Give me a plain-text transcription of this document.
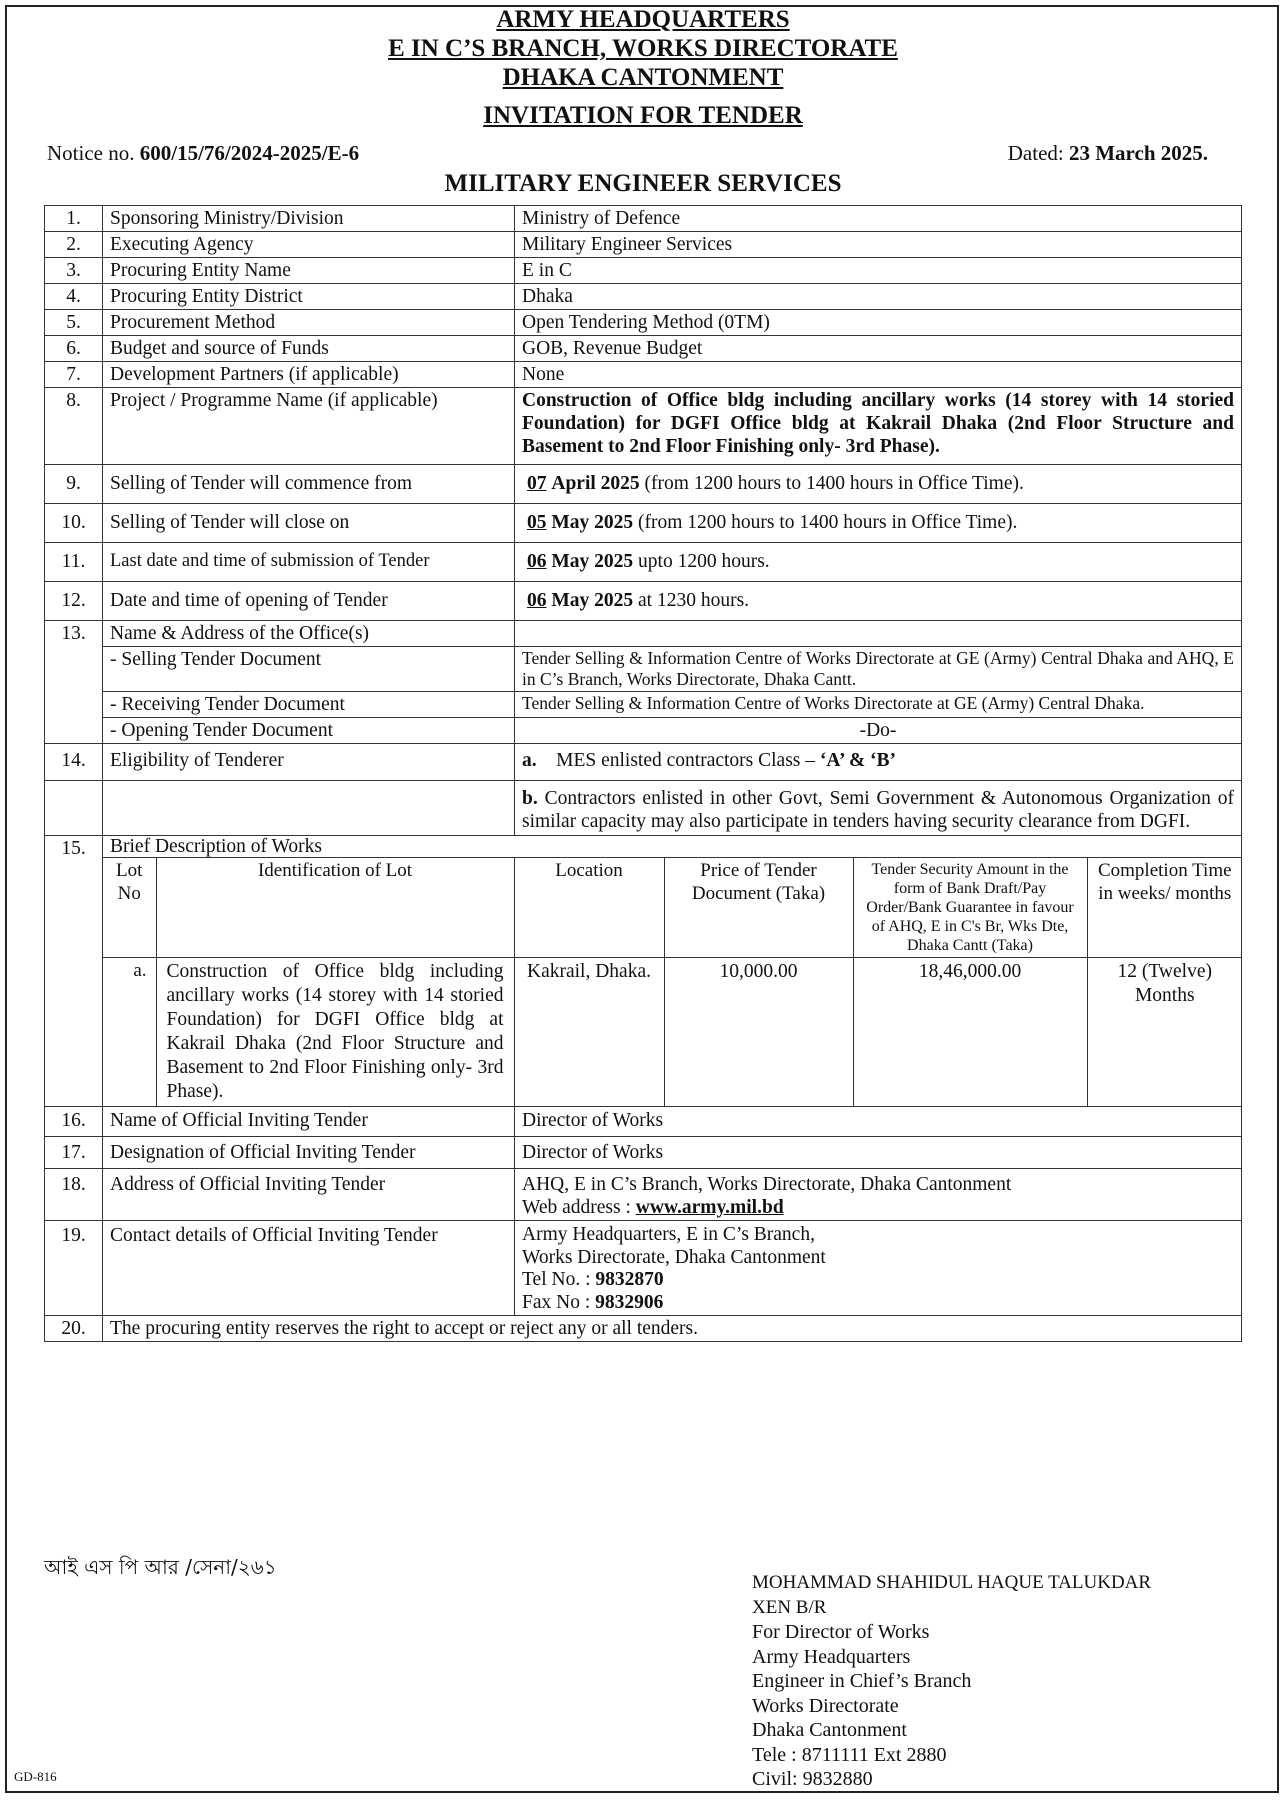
ARMY HEADQUARTERS
E IN C’S BRANCH, WORKS DIRECTORATE
DHAKA CANTONMENT
INVITATION FOR TENDER
Notice no. 600/15/76/2024-2025/E-6	Dated: 23 March 2025.
MILITARY ENGINEER SERVICES
1.	Sponsoring Ministry/Division	Ministry of Defence
2.	Executing Agency	Military Engineer Services
3.	Procuring Entity Name	E in C
4.	Procuring Entity District	Dhaka
5.	Procurement Method	Open Tendering Method (0TM)
6.	Budget and source of Funds	GOB, Revenue Budget
7.	Development Partners (if applicable)	None
8.	Project / Programme Name (if applicable)	Construction of Office bldg including ancillary works (14 storey with 14 storied Foundation) for DGFI Office bldg at Kakrail Dhaka (2nd Floor Structure and Basement to 2nd Floor Finishing only- 3rd Phase).
9.	Selling of Tender will commence from	07 April 2025 (from 1200 hours to 1400 hours in Office Time).
10.	Selling of Tender will close on	05 May 2025 (from 1200 hours to 1400 hours in Office Time).
11.	Last date and time of submission of Tender	06 May 2025 upto 1200 hours.
12.	Date and time of opening of Tender	06 May 2025 at 1230 hours.
13.	Name & Address of the Office(s)	
- Selling Tender Document	Tender Selling & Information Centre of Works Directorate at GE (Army) Central Dhaka and AHQ, E in C’s Branch, Works Directorate, Dhaka Cantt.
- Receiving Tender Document	Tender Selling & Information Centre of Works Directorate at GE (Army) Central Dhaka.
- Opening Tender Document	-Do-
14.	Eligibility of Tenderer	a. MES enlisted contractors Class – ‘A’ & ‘B’
		b. Contractors enlisted in other Govt, Semi Government & Autonomous Organization of similar capacity may also participate in tenders having security clearance from DGFI.
15.	Brief Description of Works

Lot No	Identification of Lot	Location	Price of Tender Document (Taka)	Tender Security Amount in the form of Bank Draft/Pay Order/Bank Guarantee in favour of AHQ, E in C's Br, Wks Dte, Dhaka Cantt (Taka)	Completion Time in weeks/ months
a.	Construction of Office bldg including ancillary works (14 storey with 14 storied Foundation) for DGFI Office bldg at Kakrail Dhaka (2nd Floor Structure and Basement to 2nd Floor Finishing only- 3rd Phase).	Kakrail, Dhaka.	10,000.00	18,46,000.00	12 (Twelve) Months

16.	Name of Official Inviting Tender	Director of Works
17.	Designation of Official Inviting Tender	Director of Works
18.	Address of Official Inviting Tender	AHQ, E in C’s Branch, Works Directorate, Dhaka Cantonment
Web address : www.army.mil.bd

19.	Contact details of Official Inviting Tender	Army Headquarters, E in C’s Branch,
Works Directorate, Dhaka Cantonment
Tel No. : 9832870
Fax No : 9832906

20.	The procuring entity reserves the right to accept or reject any or all tenders.
আই এস পি আর /সেনা/২৬১
MOHAMMAD SHAHIDUL HAQUE TALUKDAR
XEN B/R
For Director of Works
Army Headquarters
Engineer in Chief’s Branch
Works Directorate
Dhaka Cantonment
Tele : 8711111 Ext 2880
Civil: 9832880
GD-816
